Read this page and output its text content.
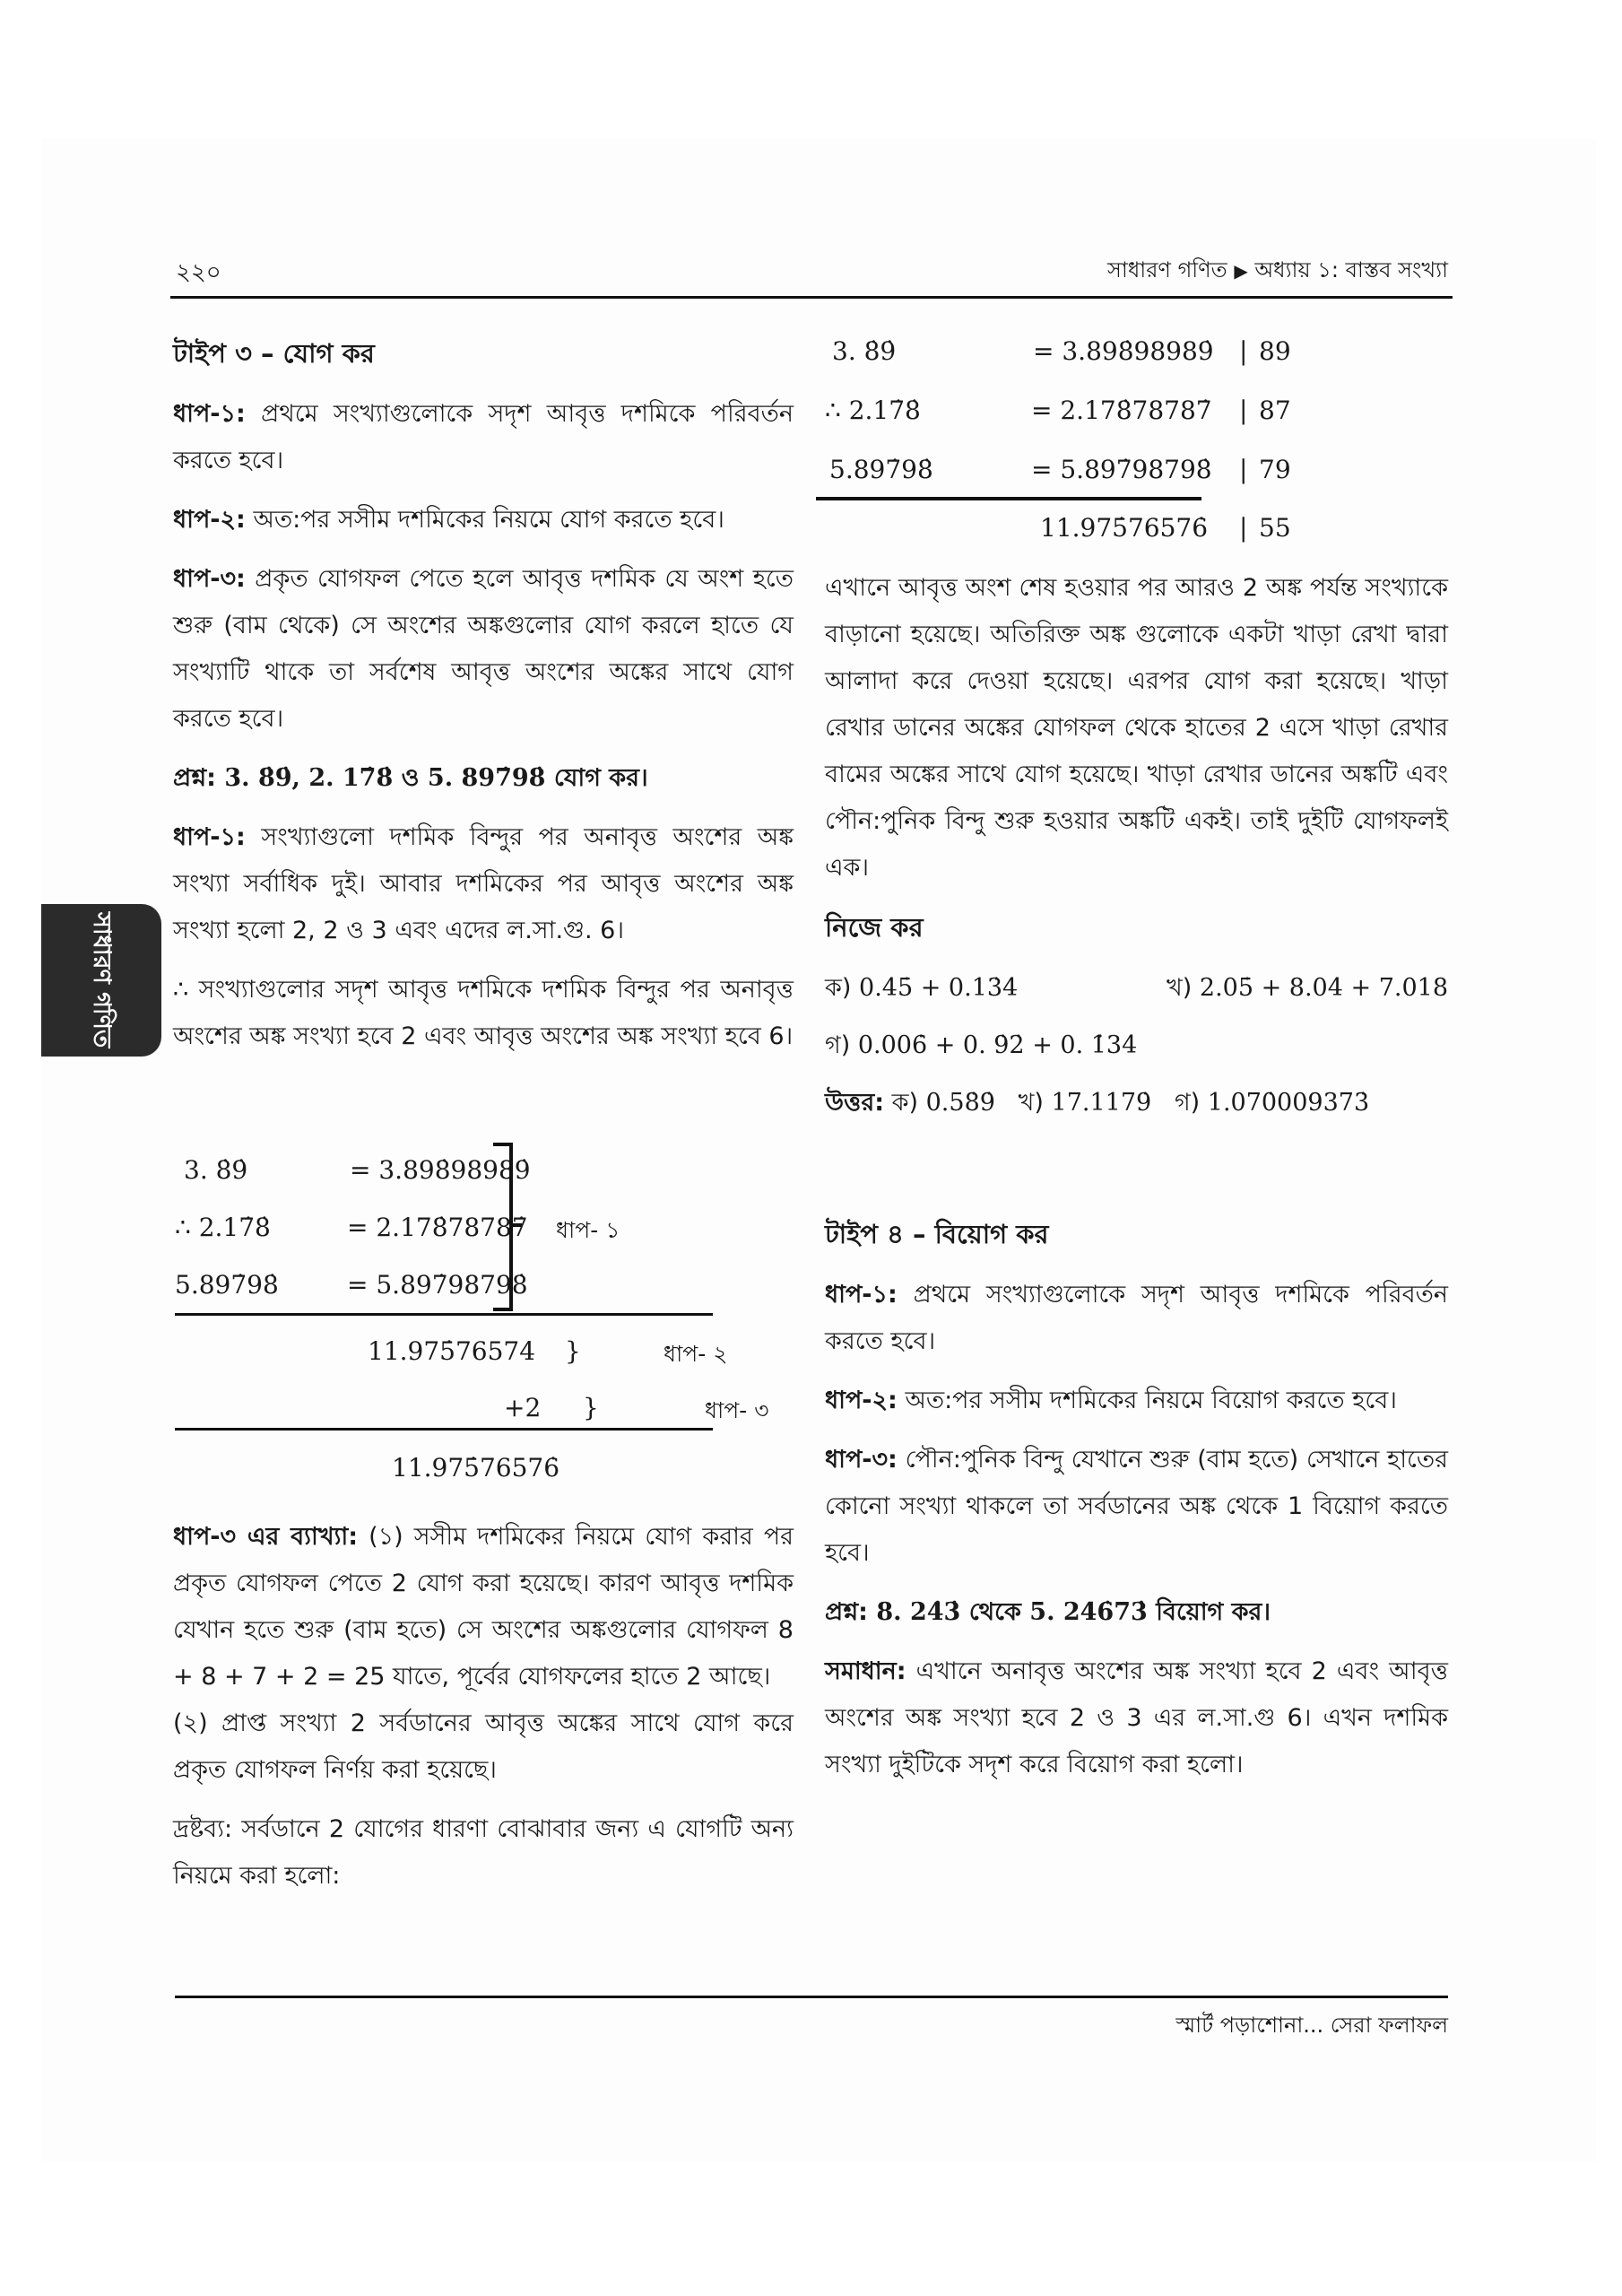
২২০	সাধারণ গণিত ▶ অধ্যায় ১: বাস্তব সংখ্যা
সাধারণ গণিত
টাইপ ৩ – যোগ কর

ধাপ-১: প্রথমে সংখ্যাগুলোকে সদৃশ আবৃত্ত দশমিকে পরিবর্তন করতে হবে।

ধাপ-২: অত:পর সসীম দশমিকের নিয়মে যোগ করতে হবে।

ধাপ-৩: প্রকৃত যোগফল পেতে হলে আবৃত্ত দশমিক যে অংশ হতে শুরু (বাম থেকে) সে অংশের অঙ্কগুলোর যোগ করলে হাতে যে সংখ্যাটি থাকে তা সর্বশেষ আবৃত্ত অংশের অঙ্কের সাথে যোগ করতে হবে।

প্রশ্ন: 3. 8̇9̇, 2. 17̇8̇ ও 5. 897̇98̇ যোগ কর।

ধাপ-১: সংখ্যাগুলো দশমিক বিন্দুর পর অনাবৃত্ত অংশের অঙ্ক সংখ্যা সর্বাধিক দুই। আবার দশমিকের পর আবৃত্ত অংশের অঙ্ক সংখ্যা হলো 2, 2 ও 3 এবং এদের ল.সা.গু. 6।

∴ সংখ্যাগুলোর সদৃশ আবৃত্ত দশমিকে দশমিক বিন্দুর পর অনাবৃত্ত অংশের অঙ্ক সংখ্যা হবে 2 এবং আবৃত্ত অংশের অঙ্ক সংখ্যা হবে 6।

3. 8̇9̇	= 3.898̇98989̇
∴ 2.17̇8̇	= 2.178̇78787̇
5.897̇98̇	= 5.897̇98798̇
ধাপ- ১
11.975̇76574 }	ধাপ- ২
+2 }	ধাপ- ৩
11.975̇76576̇

ধাপ-৩ এর ব্যাখ্যা: (১) সসীম দশমিকের নিয়মে যোগ করার পর প্রকৃত যোগফল পেতে 2 যোগ করা হয়েছে। কারণ আবৃত্ত দশমিক যেখান হতে শুরু (বাম হতে) সে অংশের অঙ্কগুলোর যোগফল 8 + 8 + 7 + 2 = 25 যাতে, পূর্বের যোগফলের হাতে 2 আছে।

(২) প্রাপ্ত সংখ্যা 2 সর্বডানের আবৃত্ত অঙ্কের সাথে যোগ করে প্রকৃত যোগফল নির্ণয় করা হয়েছে।

দ্রষ্টব্য: সর্বডানে 2 যোগের ধারণা বোঝাবার জন্য এ যোগটি অন্য নিয়মে করা হলো:

3. 8̇9̇	= 3.898̇98989̇ | 89
∴ 2.17̇8̇	= 2.178̇78787̇ | 87
5.897̇98̇	= 5.897̇98798̇ | 79
11.975̇76576̇ | 55

এখানে আবৃত্ত অংশ শেষ হওয়ার পর আরও 2 অঙ্ক পর্যন্ত সংখ্যাকে বাড়ানো হয়েছে। অতিরিক্ত অঙ্ক গুলোকে একটা খাড়া রেখা দ্বারা আলাদা করে দেওয়া হয়েছে। এরপর যোগ করা হয়েছে। খাড়া রেখার ডানের অঙ্কের যোগফল থেকে হাতের 2 এসে খাড়া রেখার বামের অঙ্কের সাথে যোগ হয়েছে। খাড়া রেখার ডানের অঙ্কটি এবং পৌন:পুনিক বিন্দু শুরু হওয়ার অঙ্কটি একই। তাই দুইটি যোগফলই এক।

নিজে কর
ক) 0.45̇ + 0.13̇4̇	খ) 2.05̇ + 8.04̇ + 7.018
গ) 0.006̇ + 0. 9̇2̇ + 0. 1̇34̇
উত্তর: ক) 0.58̇9̇ খ) 17.1179̇ গ) 1.070̇009373̇
টাইপ ৪ – বিয়োগ কর

ধাপ-১: প্রথমে সংখ্যাগুলোকে সদৃশ আবৃত্ত দশমিকে পরিবর্তন করতে হবে।

ধাপ-২: অত:পর সসীম দশমিকের নিয়মে বিয়োগ করতে হবে।

ধাপ-৩: পৌন:পুনিক বিন্দু যেখানে শুরু (বাম হতে) সেখানে হাতের কোনো সংখ্যা থাকলে তা সর্বডানের অঙ্ক থেকে 1 বিয়োগ করতে হবে।

প্রশ্ন: 8. 24̇3̇ থেকে 5. 246̇73̇ বিয়োগ কর।

সমাধান: এখানে অনাবৃত্ত অংশের অঙ্ক সংখ্যা হবে 2 এবং আবৃত্ত অংশের অঙ্ক সংখ্যা হবে 2 ও 3 এর ল.সা.গু 6। এখন দশমিক সংখ্যা দুইটিকে সদৃশ করে বিয়োগ করা হলো।

স্মার্ট পড়াশোনা... সেরা ফলাফল
